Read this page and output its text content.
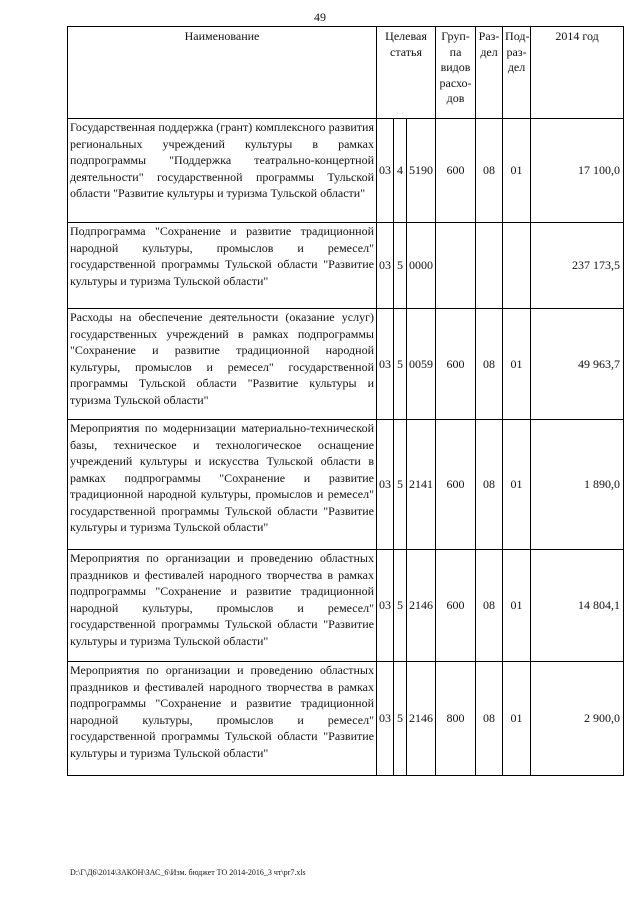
49
Наименование	Целевая статья			Груп-па видов расхо-дов	Раз-дел	Под-раз-дел	2014 год
Государственная поддержка (грант) комплексного развития региональных учреждений культуры в рамках подпрограммы "Поддержка театрально-концертной деятельности" государственной программы Тульской области "Развитие культуры и туризма Тульской области"	03	4	5190	600	08	01	17 100,0
Подпрограмма "Сохранение и развитие традиционной народной культуры, промыслов и ремесел" государственной программы Тульской области "Развитие культуры и туризма Тульской области"	03	5	0000				237 173,5
Расходы на обеспечение деятельности (оказание услуг) государственных учреждений в рамках подпрограммы "Сохранение и развитие традиционной народной культуры, промыслов и ремесел" государственной программы Тульской области "Развитие культуры и туризма Тульской области"	03	5	0059	600	08	01	49 963,7
Мероприятия по модернизации материально-технической базы, техническое и технологическое оснащение учреждений культуры и искусства Тульской области в рамках подпрограммы "Сохранение и развитие традиционной народной культуры, промыслов и ремесел" государственной программы Тульской области "Развитие культуры и туризма Тульской области"	03	5	2141	600	08	01	1 890,0
Мероприятия по организации и проведению областных праздников и фестивалей народного творчества в рамках подпрограммы "Сохранение и развитие традиционной народной культуры, промыслов и ремесел" государственной программы Тульской области "Развитие культуры и туризма Тульской области"	03	5	2146	600	08	01	14 804,1
Мероприятия по организации и проведению областных праздников и фестивалей народного творчества в рамках подпрограммы "Сохранение и развитие традиционной народной культуры, промыслов и ремесел" государственной программы Тульской области "Развитие культуры и туризма Тульской области"	03	5	2146	800	08	01	2 900,0
D:\Г\Д6\2014\ЗАКОН\ЗАС_6\Изм. бюджет ТО 2014-2016_3 чт\pr7.xls
